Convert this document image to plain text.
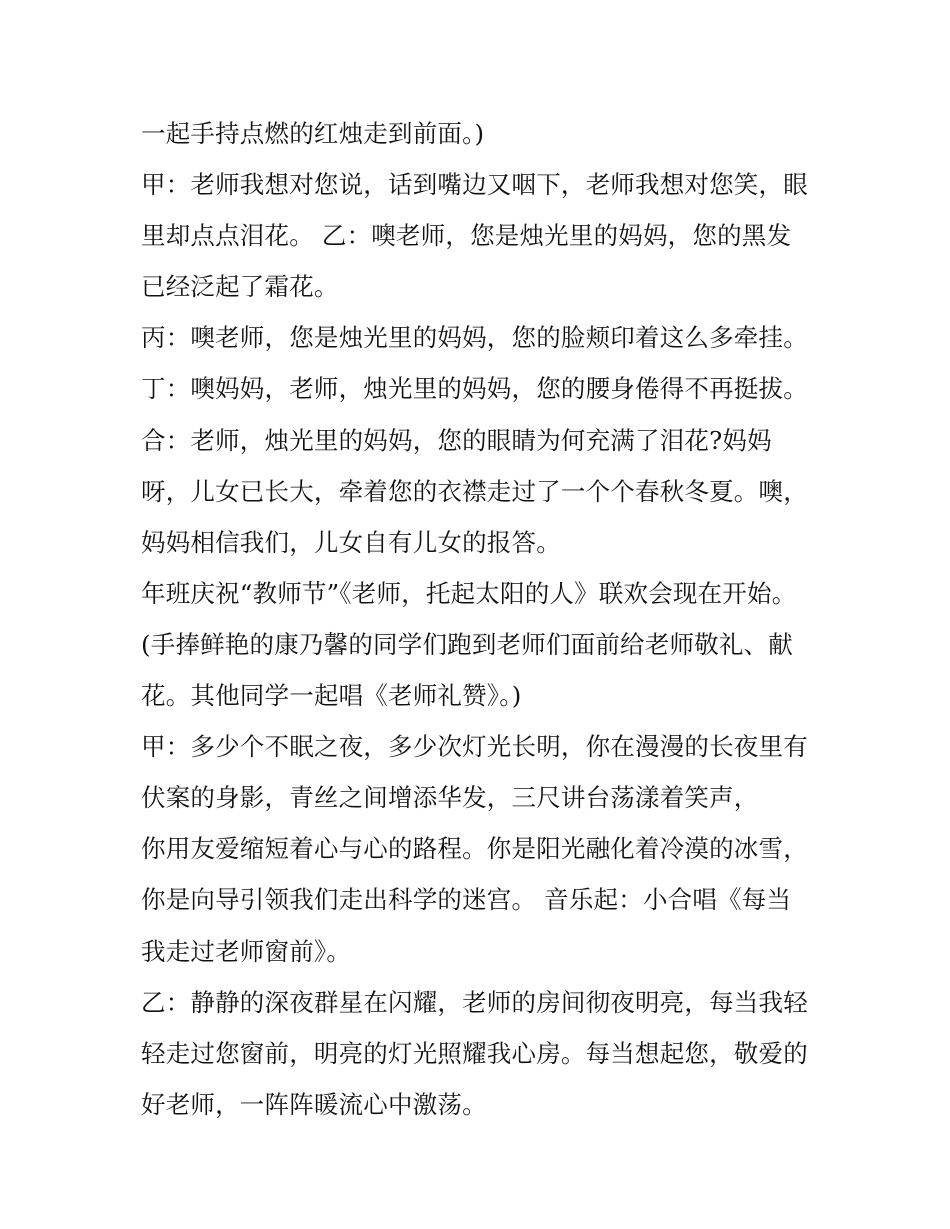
一起手持点燃的红烛走到前面。)
甲：老师我想对您说，话到嘴边又咽下，老师我想对您笑，眼
里却点点泪花。 乙：噢老师，您是烛光里的妈妈，您的黑发
已经泛起了霜花。
丙：噢老师，您是烛光里的妈妈，您的脸颊印着这么多牵挂。
丁：噢妈妈，老师，烛光里的妈妈，您的腰身倦得不再挺拔。
合：老师，烛光里的妈妈，您的眼睛为何充满了泪花?妈妈
呀，儿女已长大，牵着您的衣襟走过了一个个春秋冬夏。噢，
妈妈相信我们，儿女自有儿女的报答。
年班庆祝“教师节”《老师，托起太阳的人》联欢会现在开始。
(手捧鲜艳的康乃馨的同学们跑到老师们面前给老师敬礼、献
花。其他同学一起唱《老师礼赞》。)
甲：多少个不眠之夜，多少次灯光长明，你在漫漫的长夜里有
伏案的身影，青丝之间增添华发，三尺讲台荡漾着笑声，
你用友爱缩短着心与心的路程。你是阳光融化着冷漠的冰雪，
你是向导引领我们走出科学的迷宫。 音乐起：小合唱《每当
我走过老师窗前》。
乙：静静的深夜群星在闪耀，老师的房间彻夜明亮，每当我轻
轻走过您窗前，明亮的灯光照耀我心房。每当想起您，敬爱的
好老师，一阵阵暖流心中激荡。
